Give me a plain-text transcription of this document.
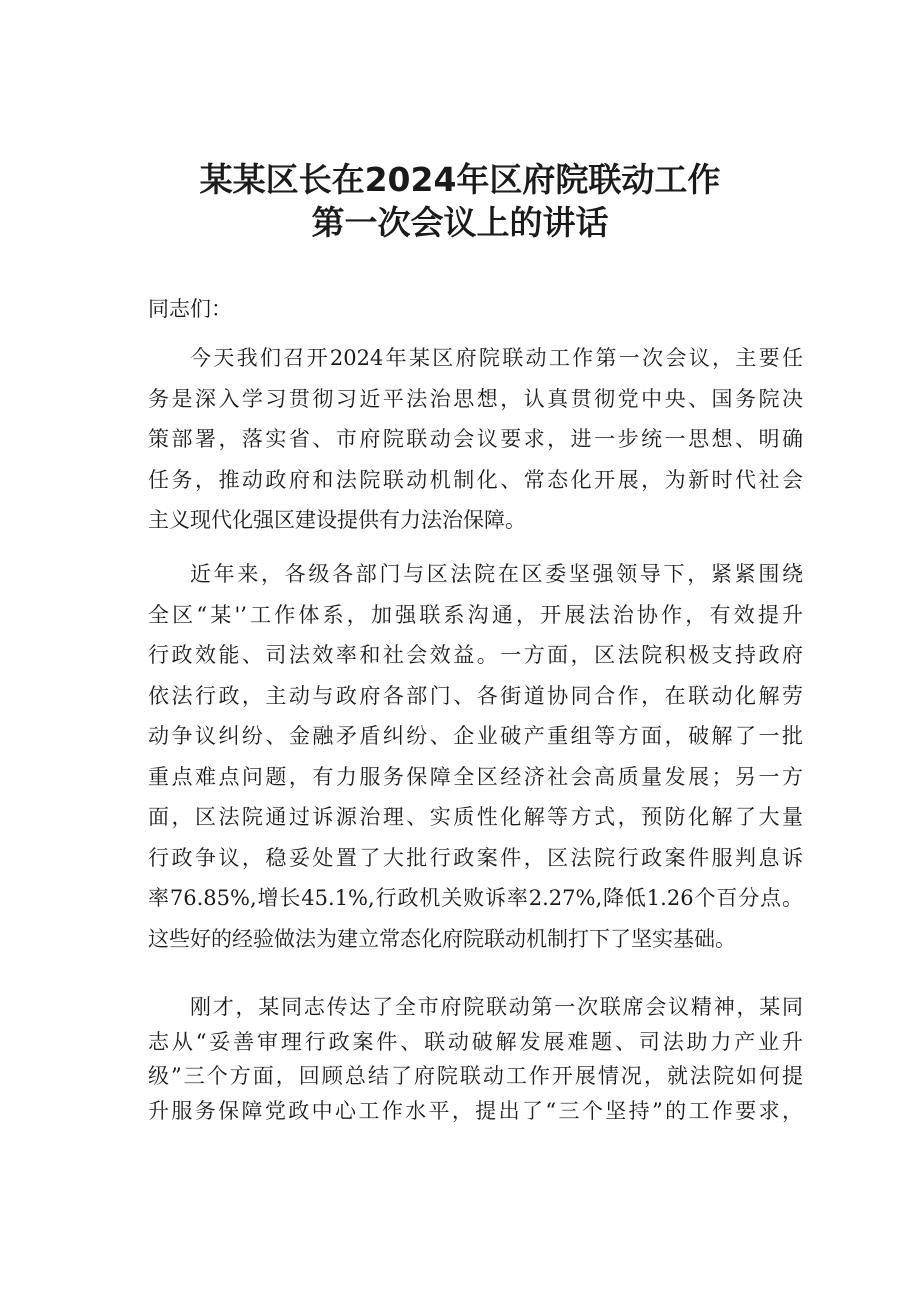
某某区长在2024年区府院联动工作
第一次会议上的讲话

同志们：

今天我们召开2024年某区府院联动工作第一次会议，主要任
务是深入学习贯彻习近平法治思想，认真贯彻党中央、国务院决
策部署，落实省、市府院联动会议要求，进一步统一思想、明确
任务，推动政府和法院联动机制化、常态化开展，为新时代社会
主义现代化强区建设提供有力法治保障。
近年来，各级各部门与区法院在区委坚强领导下，紧紧围绕
全区“某'’工作体系，加强联系沟通，开展法治协作，有效提升
行政效能、司法效率和社会效益。一方面，区法院积极支持政府
依法行政，主动与政府各部门、各街道协同合作，在联动化解劳
动争议纠纷、金融矛盾纠纷、企业破产重组等方面，破解了一批
重点难点问题，有力服务保障全区经济社会高质量发展；另一方
面，区法院通过诉源治理、实质性化解等方式，预防化解了大量
行政争议，稳妥处置了大批行政案件，区法院行政案件服判息诉
率76.85%,增长45.1%,行政机关败诉率2.27%,降低1.26个百分点。
这些好的经验做法为建立常态化府院联动机制打下了坚实基础。
刚才，某同志传达了全市府院联动第一次联席会议精神，某同
志从“妥善审理行政案件、联动破解发展难题、司法助力产业升
级”三个方面，回顾总结了府院联动工作开展情况，就法院如何提
升服务保障党政中心工作水平，提出了“三个坚持”的工作要求，
